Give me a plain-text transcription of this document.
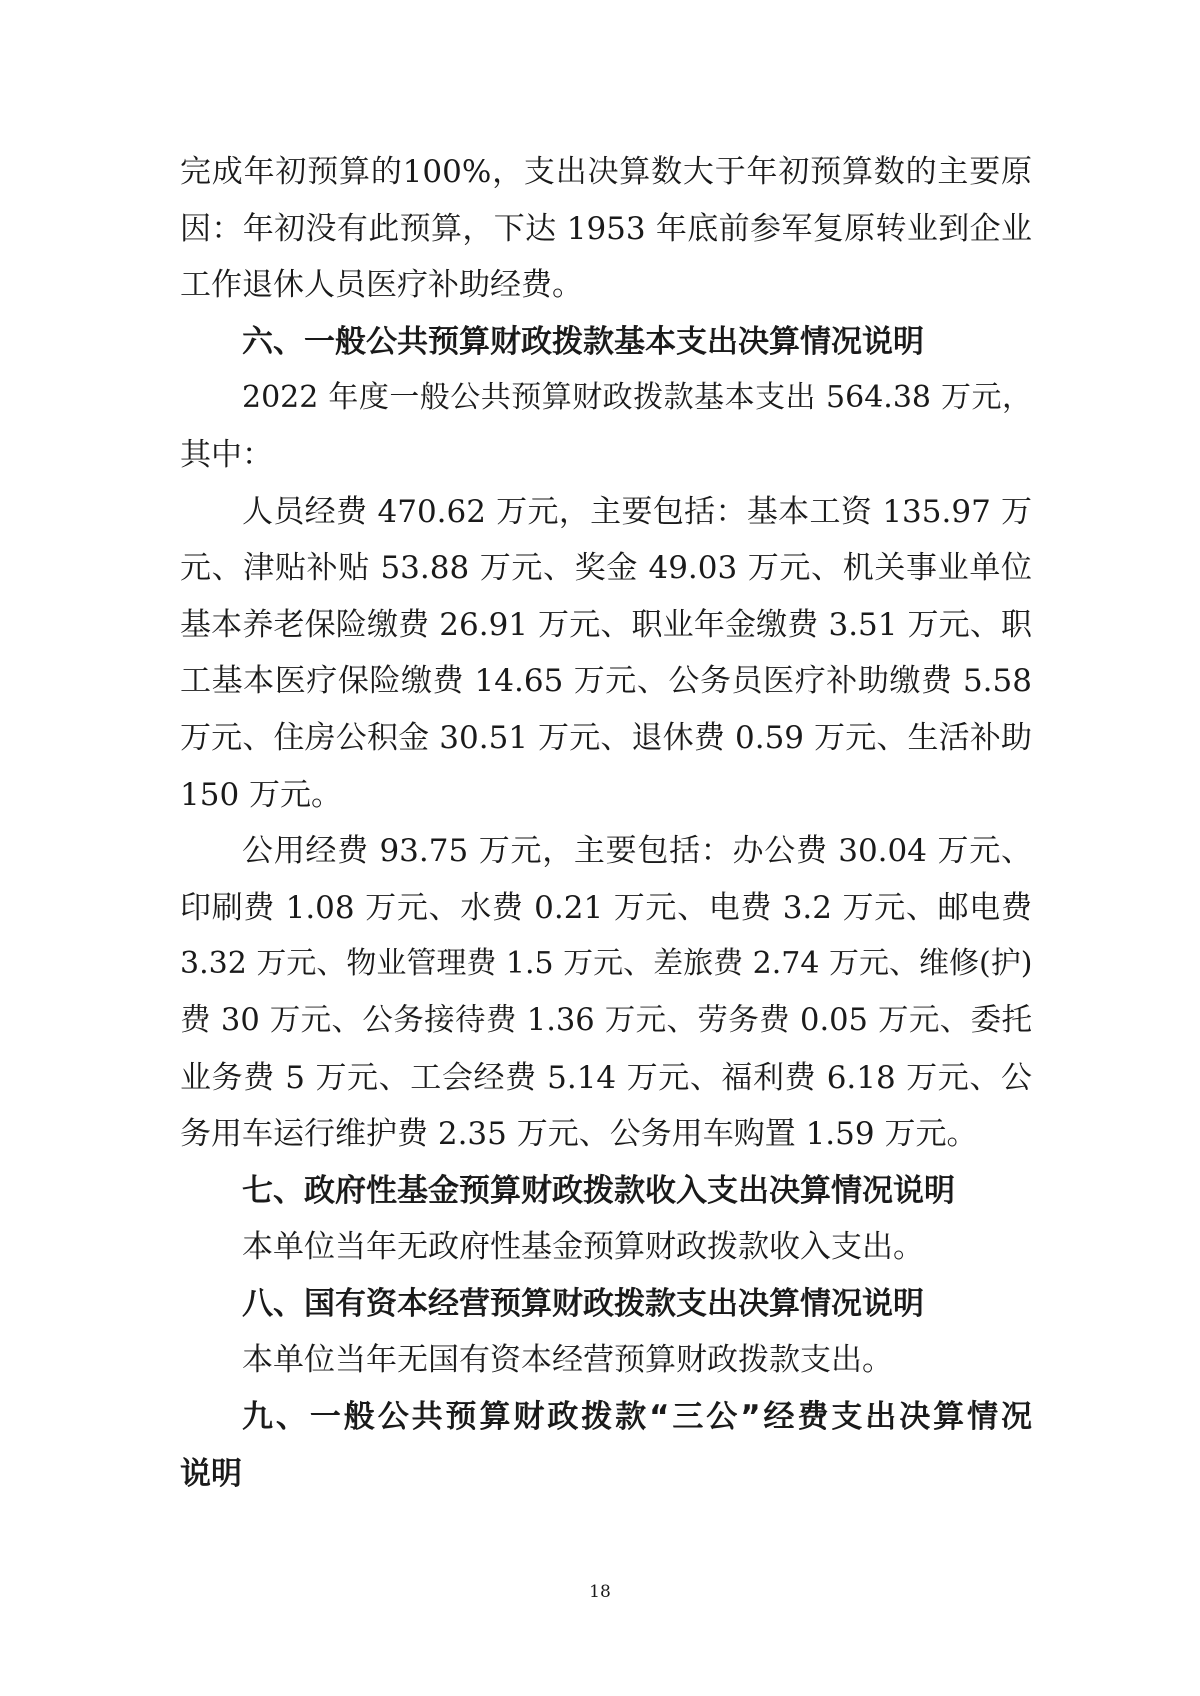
完成年初预算的100%，支出决算数大于年初预算数的主要原

因：年初没有此预算，下达 1953 年底前参军复原转业到企业

工作退休人员医疗补助经费。

六、一般公共预算财政拨款基本支出决算情况说明

2022 年度一般公共预算财政拨款基本支出 564.38 万元，

其中：

人员经费 470.62 万元，主要包括：基本工资 135.97 万

元、津贴补贴 53.88 万元、奖金 49.03 万元、机关事业单位

基本养老保险缴费 26.91 万元、职业年金缴费 3.51 万元、职

工基本医疗保险缴费 14.65 万元、公务员医疗补助缴费 5.58

万元、住房公积金 30.51 万元、退休费 0.59 万元、生活补助

150 万元。

公用经费 93.75 万元，主要包括：办公费 30.04 万元、

印刷费 1.08 万元、水费 0.21 万元、电费 3.2 万元、邮电费

3.32 万元、物业管理费 1.5 万元、差旅费 2.74 万元、维修(护)

费 30 万元、公务接待费 1.36 万元、劳务费 0.05 万元、委托

业务费 5 万元、工会经费 5.14 万元、福利费 6.18 万元、公

务用车运行维护费 2.35 万元、公务用车购置 1.59 万元。

七、政府性基金预算财政拨款收入支出决算情况说明

本单位当年无政府性基金预算财政拨款收入支出。

八、国有资本经营预算财政拨款支出决算情况说明

本单位当年无国有资本经营预算财政拨款支出。

九、一般公共预算财政拨款“三公”经费支出决算情况

说明

18
